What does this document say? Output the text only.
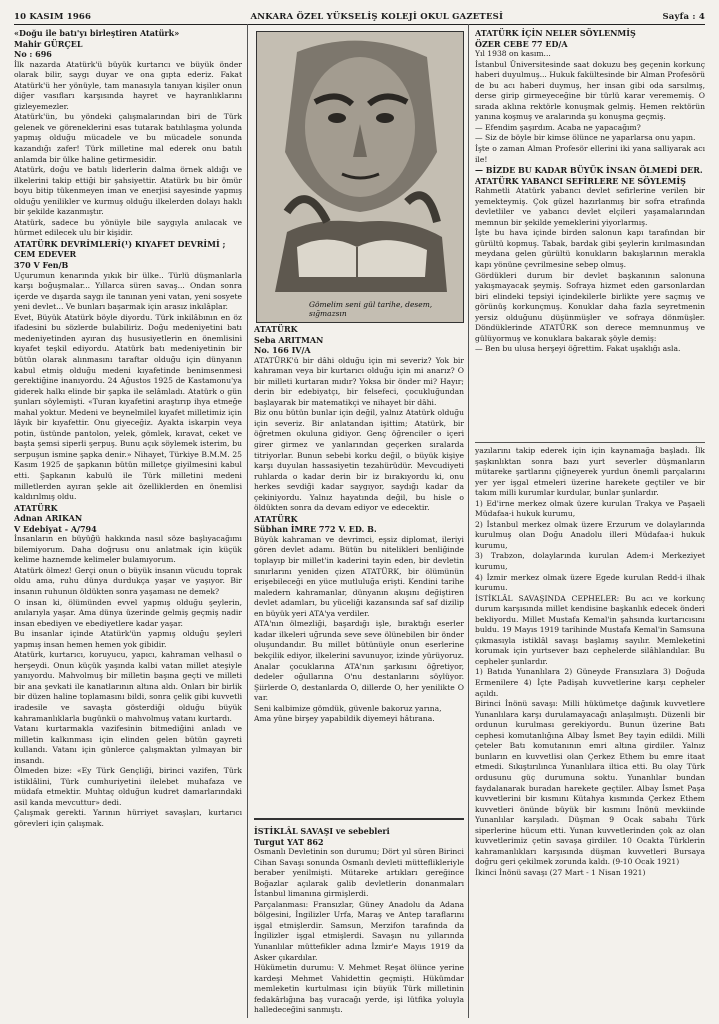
10 KASIM 1966	ANKARA ÖZEL YÜKSELİŞ KOLEJİ OKUL GAZETESİ	Sayfa : 4

«Doğu ile batı'yı birleştiren Atatürk»

Mahir GÜRÇEL

No : 696

İlk nazarda Atatürk'ü büyük kurtarıcı ve büyük önder olarak bilir, saygı duyar ve ona gıpta ederiz. Fakat Atatürk'ü her yönüyle, tam manasıyla tanıyan kişiler onun diğer vasıfları karşısında hayret ve hayranlıklarını gizleyemezler.

Atatürk'ün, bu yöndeki çalışmalarından biri de Türk gelenek ve göreneklerini esas tutarak batılılaşma yolunda yapmış olduğu mücadele ve bu mücadele sonunda kazandığı zafer! Türk milletine mal ederek onu batılı anlamda bir ülke haline getirmesidir.

Atatürk, doğu ve batılı liderlerin dalma örnek aldığı ve ilkelerini takip ettiği bir şahsiyettir. Atatürk bu bir ömür boyu bitip tükenmeyen iman ve enerjisi sayesinde yapmış olduğu yenilikler ve kurmuş olduğu ilkelerden dolayı haklı bir şekilde kazanmıştır.

Atatürk, sadece bu yönüyle bile saygıyla anılacak ve hürmet edilecek ulu bir kişidir.

ATATÜRK DEVRİMLERİ(¹) KIYAFET DEVRİMİ ;

CEM EDEVER

370 V Fen/B

Uçurumun kenarında yıkık bir ülke.. Türlü düşmanlarla karşı boğuşmalar... Yıllarca süren savaş... Ondan sonra içerde ve dışarda saygı ile tanınan yeni vatan, yeni sosyete yeni devlet... Ve bunları başarmak için arasız inkılâplar.

Evet, Büyük Atatürk böyle diyordu. Türk inkilâbının en öz ifadesini bu sözlerde bulabiliriz. Doğu medeniyetini batı medeniyetinden ayıran dış hususiyetlerin en önemlisini kıyafet teşkil ediyordu. Atatürk batı medeniyetinin bir bütün olarak alınmasını taraftar olduğu için dünyanın kabul etmiş olduğu medeni kıyafetinde benimsenmesi gerektiğine inanıyordu. 24 Ağustos 1925 de Kastamonu'ya giderek halkı elinde bir şapka ile selâmladı. Atatürk o gün şunları söylemişti. «Turan kıyafetini araştırıp ihya etmeğe mahal yoktur. Medeni ve beynelmilel kıyafet milletimiz için lâyık bir kıyafettir. Onu giyeceğiz. Ayakta iskarpin veya potin, üstünde pantolon, yelek, gömlek, kıravat, ceket ve başta şemsi siperli şerpuş. Bunu açık söylemek isterim, bu serpuşun ismine şapka denir.» Nihayet, Türkiye B.M.M. 25 Kasım 1925 de şapkanın bütün milletçe giyilmesini kabul etti. Şapkanın kabulü ile Türk milletini medeni milletlerden ayıran şekle ait özelliklerden en önemlisi kaldırılmış oldu.

ATATÜRK

Adnan ARIKAN

V Edebiyat - A/794

İnsanların en büyüğü hakkında nasıl söze başlıyacağımı bilemiyorum. Daha doğrusu onu anlatmak için küçük kelime haznemde kelimeler bulamıyorum.

Atatürk ölmez! Gerçi onun o büyük insanın vücudu toprak oldu ama, ruhu dünya durdukça yaşar ve yaşıyor. Bir insanın ruhunun öldükten sonra yaşaması ne demek?

O insan ki, ölümünden evvel yapmış olduğu şeylerin, anılarıyla yaşar. Ama dünya üzerinde gelmiş geçmiş nadir insan ebediyen ve ebediyetlere kadar yaşar.

Bu insanlar içinde Atatürk'ün yapmış olduğu şeyleri yapmış insan hemen hemen yok gibidir.

Atatürk, kurtarıcı, koruyucu, yapıcı, kahraman velhasıl o herşeydi. Onun küçük yaşında kalbi vatan millet ateşiyle yanıyordu. Mahvolmuş bir milletin başına geçti ve milleti bir ana şevkati ile kanatlarının altına aldı. Onları bir birlik bir düzen haline toplamasını bildi, sonra çelik gibi kuvvetli iradesile ve savaşta gösterdiği olduğu büyük kahramanlıklarla bugünkü o mahvolmuş vatanı kurtardı.

Vatanı kurtarmakla vazifesinin bitmediğini anladı ve milletin kalkınması için elinden gelen bütün gayreti kullandı. Vatanı için günlerce çalışmaktan yılmayan bir insandı.

Ölmeden bize: «Ey Türk Gençliği, birinci vazifen, Türk istiklâlini, Türk cumhuriyetini ilelebet muhafaza ve müdafa etmektir. Muhtaç olduğun kudret damarlarındaki asil kanda mevcuttur» dedi.

Çalışmak gerekti. Yarının hürriyet savaşları, kurtarıcı görevleri için çalışmak.

Gömelim seni gül tarihe, desem, sığmazsın

ATATÜRK

Seba ARITMAN

No. 166 IV/A

ATATÜRK'ü bir dâhi olduğu için mi severiz? Yok bir kahraman veya bir kurtarıcı olduğu için mi anarız? O bir milleti kurtaran mıdır? Yoksa bir önder mi? Hayır; derin bir edebiyatçı, bir felsefeci, çocukluğundan başlayarak bir matematikçi ve nihayet bir dâhi.

Biz onu bütün bunlar için değil, yalnız Atatürk olduğu için severiz. Bir anlatandan işittim; Atatürk, bir öğretmen okuluna gidiyor. Genç öğrenciler o içeri girer girmez ve yanlarından geçerken sıralarda titriyorlar. Bunun sebebi korku değil, o büyük kişiye karşı duyulan hassasiyetin tezahürüdür. Mevcudiyeti ruhlarda o kadar derin bir iz bırakıyordu ki, onu herkes sevdiği kadar saygıyor, saydığı kadar da çekiniyordu. Yalnız hayatında değil, bu hisle o öldükten sonra da devam ediyor ve edecektir.

ATATÜRK

Sübhan İMRE 772 V. ED. B.

Büyük kahraman ve devrimci, eşsiz diplomat, ileriyi gören devlet adamı. Bütün bu nitelikleri benliğinde toplayıp bir millet'in kaderini tayin eden, bir devletin sınırlarını yeniden çizen ATATÜRK, bir ölümünün erişebileceği en yüce mutluluğa erişti. Kendini tarihe maledern kahramanlar, dünyanın akışını değiştiren devlet adamları, bu yüceliği kazansında saf saf dizilip en büyük yeri ATA'ya verdiler.

ATA'nın ölmezliği, başardığı işle, bıraktığı eserler kadar ilkeleri uğrunda seve seve ölünebilen bir önder oluşundandır. Bu millet bütünüyle onun eserlerine bekçilik ediyor, ilkelerini savunuyor, izinde yürüyoruz. Analar çocuklarına ATA'nın şarkısını öğretiyor, dedeler oğullarına O'nu destanlarını söylüyor. Şiirlerde O, destanlarda O, dillerde O, her yenilikte O var.

Seni kalbimize gömdük, güvenle bakoruz yarına,

Ama yüne birşey yapabildik diyemeyi hâtırana.

İSTİKLÂL SAVAŞI ve sebebleri

Turgut YAT 862

Osmanlı Devletinin son durumu; Dört yıl süren Birinci Cihan Savaşı sonunda Osmanlı devleti mütteflikleriyle beraber yenilmişti. Mütareke artıkları gereğince Boğazlar açılarak galib devletlerin donanmaları İstanbul limanına girmişlerdi.

Parçalanması: Fransızlar, Güney Anadolu da Adana bölgesini, İngilizler Urfa, Maraş ve Antep taraflarını işgal etmişlerdir. Samsun, Merzifon tarafında da İngilizler işgal etmişlerdi. Savaşın nu yıllarında Yunanlılar müttefikler adına İzmir'e Mayıs 1919 da Asker çıkardılar.

Hükümetin durumu: V. Mehmet Reşat ölünce yerine kardeşi Mehmet Vahidettin geçmişti. Hükümdar memleketin kurtulması için büyük Türk milletinin fedakârlığına baş vuracağı yerde, işi lütfika yoluyla halledeceğini sanmıştı.

ATATÜRK İÇİN NELER SÖYLENMİŞ

ÖZER CEBE 77 ED/A

Yıl 1938 on kasım...

İstanbul Üniversitesinde saat dokuzu beş geçenin korkunç haberi duyulmuş... Hukuk fakültesinde bir Alman Profesörü de bu acı haberi duymuş, her insan gibi oda sarsılmış, derse girip girmeyeceğine bir türlü karar verememiş. O sırada aklına rektörle konuşmak gelmiş. Hemen rektörün yanına koşmuş ve aralarında şu konuşma geçmiş.

— Efendim şaşırdım. Acaba ne yapacağım?

— Siz de böyle bir kimse ölünce ne yaparlarsa onu yapın.

İşte o zaman Alman Profesör ellerini iki yana salliyarak acı ile!

— BİZDE BU KADAR BÜYÜK İNSAN ÖLMEDİ DER.

ATATÜRK YABANCI SEFİRLERE NE SÖYLEMİŞ

Rahmetli Atatürk yabancı devlet sefirlerine verilen bir yemekteymiş. Çok güzel hazırlanmış bir sofra etrafında devletliler ve yabancı devlet elçileri yaşamalarından memnun bir şekilde yemeklerini yiyorlarmış.

İşte bu hava içinde birden salonun kapı tarafından bir gürültü kopmuş. Tabak, bardak gibi şeylerin kırılmasından meydana gelen gürültü konukların bakışlarının merakla kapı yönüne çevrilmesine sebep olmuş.

Gördükleri durum bir devlet başkanının salonuna yakışmayacak şeymiş. Sofraya hizmet eden garsonlardan biri elindeki tepsiyi içindekilerle birlikte yere saçmış ve görünüş korkunçmuş. Konuklar daha fazla seyretmenin yersiz olduğunu düşünmüşler ve sofraya dönmüşler. Döndüklerinde ATATÜRK son derece memnunmuş ve gülüyormuş ve konuklara bakarak şöyle demiş:

— Ben bu ulusa herşeyi öğrettim. Fakat uşaklığı asla.

yazılarını takip ederek için için kaynamağa başladı. İlk şaşkınlıktan sonra bazı yurt severler düşmanların mütareke şartlarını çiğneyerek yurdun önemli parçalarını yer yer işgal etmeleri üzerine harekete geçtiler ve bir takım milli kurumlar kurdular, bunlar şunlardır.

1) Ed'irne merkez olmak üzere kurulan Trakya ve Paşaeli Müdafaa-i hukuk kurumu,

2) İstanbul merkez olmak üzere Erzurum ve dolaylarında kurulmuş olan Doğu Anadolu illeri Müdafaa-i hukuk kurumu,

3) Trabzon, dolaylarında kurulan Adem-i Merkeziyet kurumu,

4) İzmir merkez olmak üzere Egede kurulan Redd-i ilhak kurumu.

İSTİKLÂL SAVAŞINDA CEPHELER: Bu acı ve korkunç durum karşısında millet kendisine başkanlık edecek önderi bekliyordu. Millet Mustafa Kemal'in şahsında kurtarıcısını buldu. 19 Mayıs 1919 tarihinde Mustafa Kemal'in Samsuna çıkmasıyla istiklâl savaşı başlamış sayılır. Memleketini korumak için yurtsever bazı cephelerde silâhlandılar. Bu cepheler şunlardır.

1) Batıda Yunanlılara 2) Güneyde Fransızlara 3) Doğuda Ermenilere 4) İçte Padişah kuvvetlerine karşı cepheler açıldı.

Birinci İnönü savaşı: Milli hükümetçe dağınık kuvvetlere Yunanlılara karşı durulamayacağı anlaşılmıştı. Düzenli bir ordunun kurulması gerekiyordu. Bunun üzerine Batı cephesi komutanlığına Albay İsmet Bey tayin edildi. Milli çeteler Batı komutanının emri altına girdiler. Yalnız bunların en kuvvetlisi olan Çerkez Ethem bu emre itaat etmedi. Sıkıştırılınca Yunanlılara iltica etti. Bu olay Türk ordusunu güç durumuna soktu. Yunanlılar bundan faydalanarak buradan harekete geçtiler. Albay İsmet Paşa kuvvetlerini bir kısmını Kütahya kısmında Çerkez Ethem kuvvetleri önünde büyük bir kısmını İnönü mevkiinde Yunanlılar karşıladı. Düşman 9 Ocak sabahı Türk siperlerine hücum etti. Yunan kuvvetlerinden çok az olan kuvvetlerimiz çetin savaşa girdiler. 10 Ocakta Türklerin kahramanlıkları karşısında düşman kuvvetleri Bursaya doğru geri çekilmek zorunda kaldı. (9-10 Ocak 1921)

İkinci İnönü savaşı (27 Mart - 1 Nisan 1921)
